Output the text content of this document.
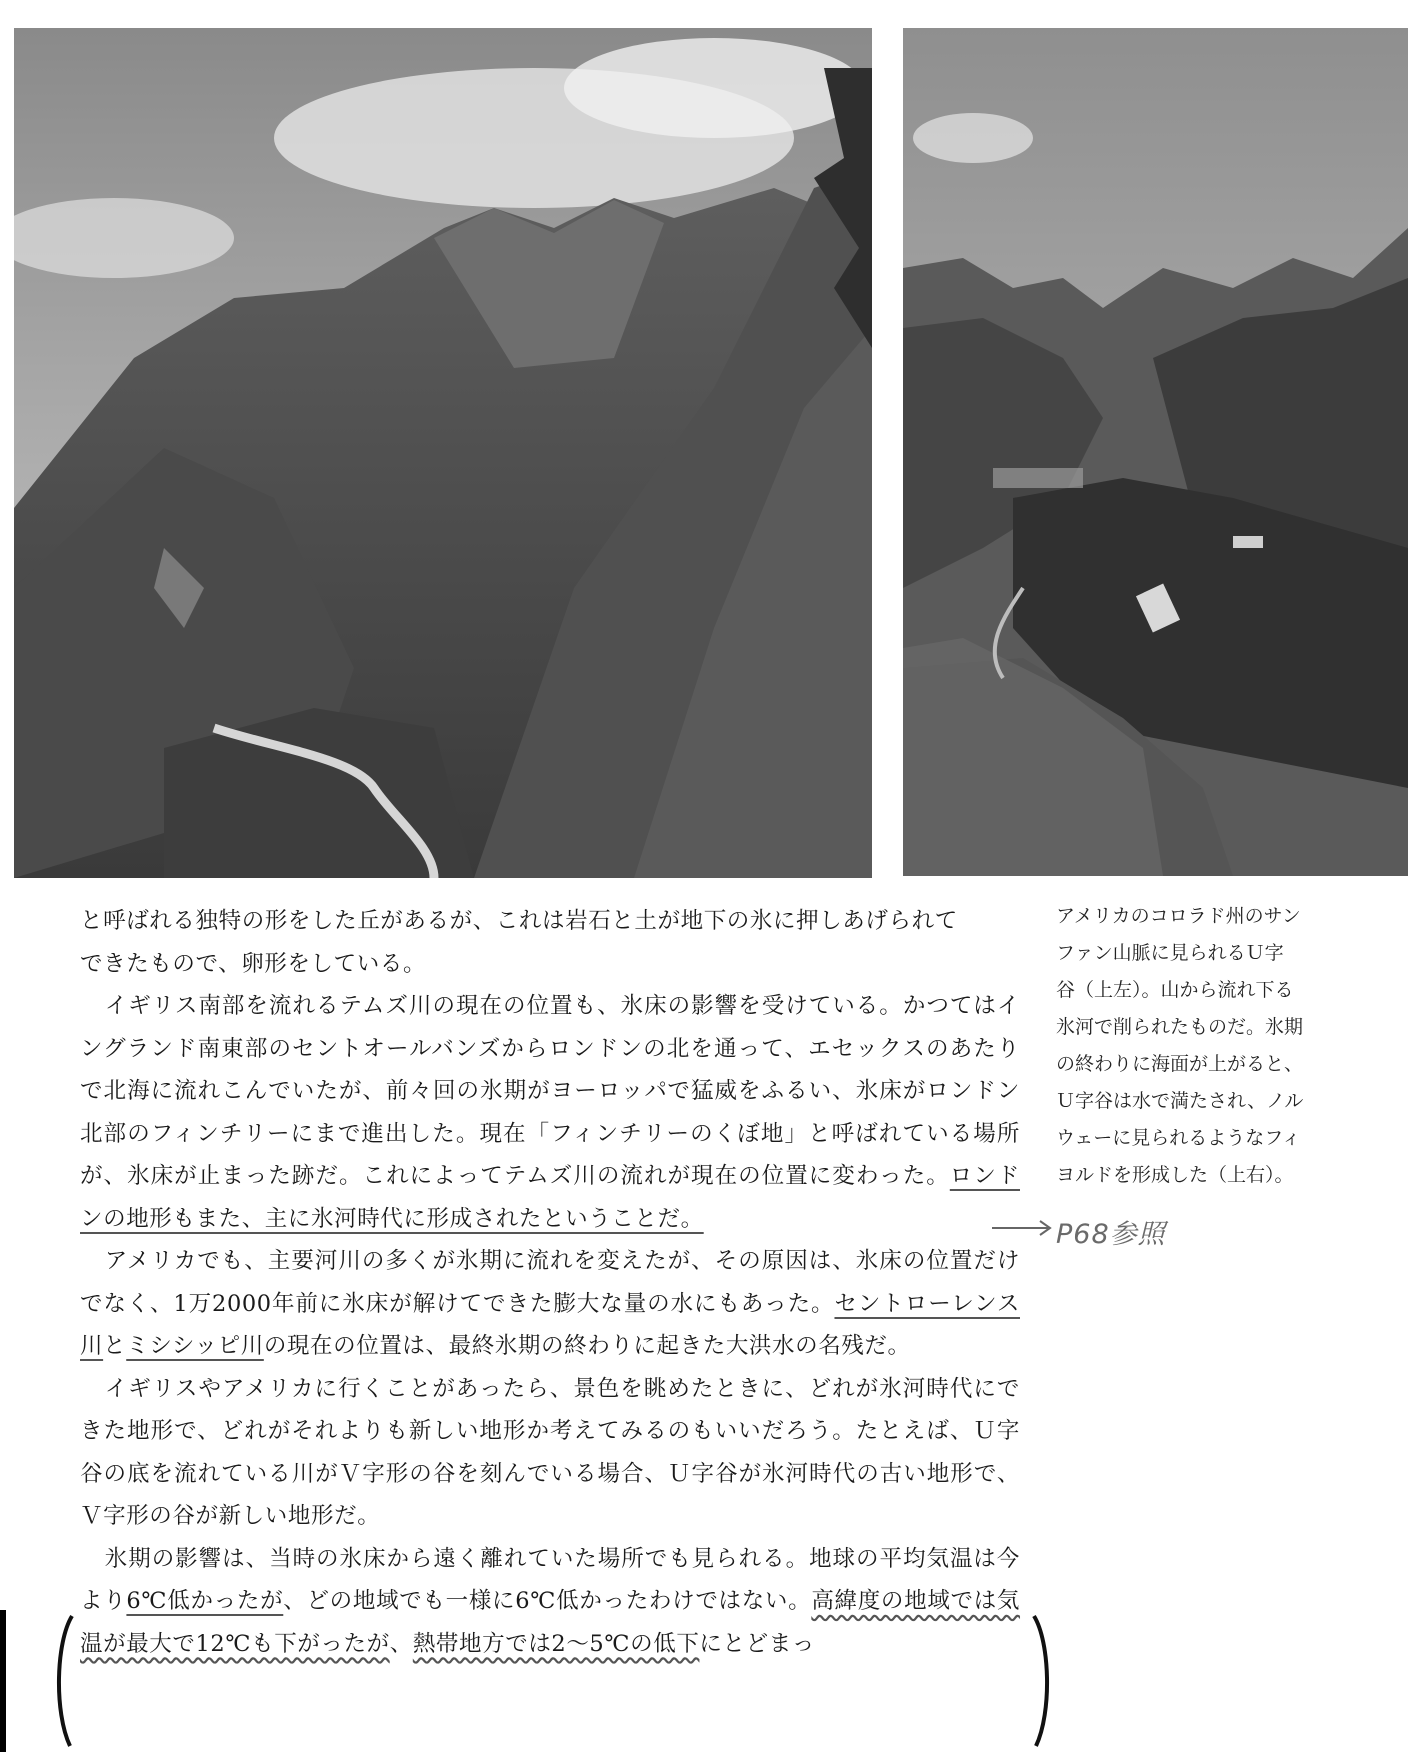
アメリカのコロラド州のサン
ファン山脈に見られるＵ字
谷（上左）。山から流れ下る
氷河で削られたものだ。氷期
の終わりに海面が上がると、
Ｕ字谷は水で満たされ、ノル
ウェーに見られるようなフィ
ヨルドを形成した（上右）。

と呼ばれる独特の形をした丘があるが、これは岩石と土が地下の氷に押しあげられて
できたもので、卵形をしている。

イギリス南部を流れるテムズ川の現在の位置も、氷床の影響を受けている。かつてはイングランド南東部のセントオールバンズからロンドンの北を通って、エセックスのあたりで北海に流れこんでいたが、前々回の氷期がヨーロッパで猛威をふるい、氷床がロンドン北部のフィンチリーにまで進出した。現在「フィンチリーのくぼ地」と呼ばれている場所が、氷床が止まった跡だ。これによってテムズ川の流れが現在の位置に変わった。ロンドンの地形もまた、主に氷河時代に形成されたということだ。

アメリカでも、主要河川の多くが氷期に流れを変えたが、その原因は、氷床の位置だけでなく、1万2000年前に氷床が解けてできた膨大な量の水にもあった。セントローレンス川とミシシッピ川の現在の位置は、最終氷期の終わりに起きた大洪水の名残だ。

イギリスやアメリカに行くことがあったら、景色を眺めたときに、どれが氷河時代にできた地形で、どれがそれよりも新しい地形か考えてみるのもいいだろう。たとえば、Ｕ字谷の底を流れている川がＶ字形の谷を刻んでいる場合、Ｕ字谷が氷河時代の古い地形で、Ｖ字形の谷が新しい地形だ。

氷期の影響は、当時の氷床から遠く離れていた場所でも見られる。地球の平均気温は今より6℃低かったが、どの地域でも一様に6℃低かったわけではない。高緯度の地域では気温が最大で12℃も下がったが、熱帯地方では2～5℃の低下にとどまっ

P68参照
